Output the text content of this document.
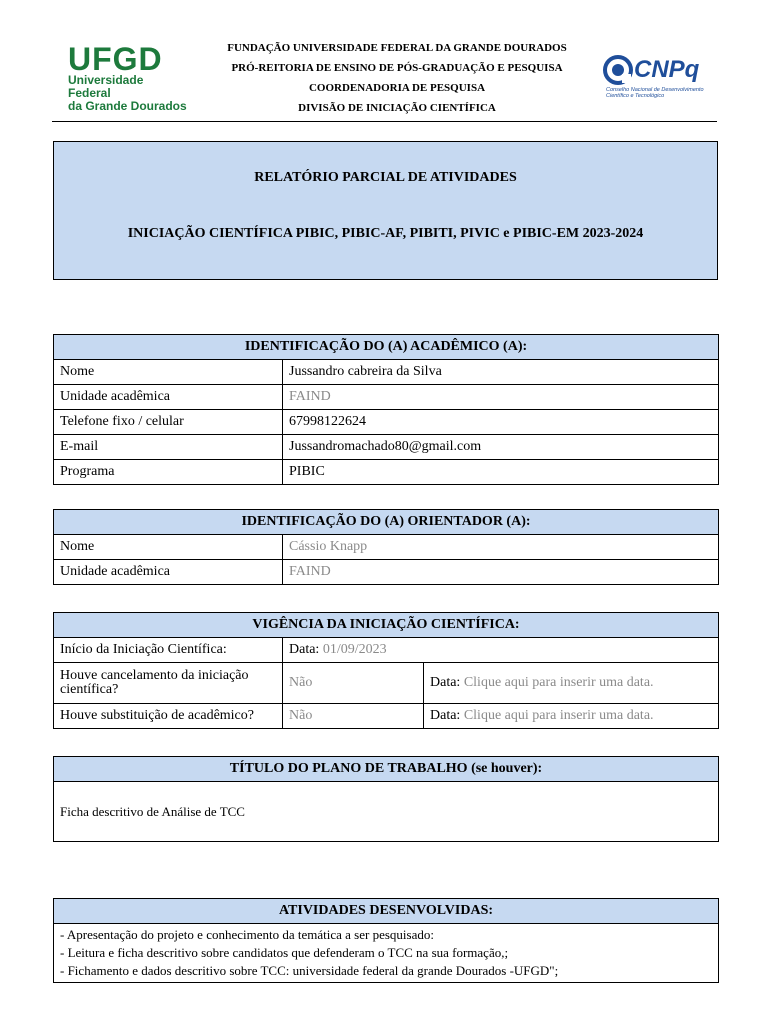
UFGD
Universidade Federal
da Grande Dourados
FUNDAÇÃO UNIVERSIDADE FEDERAL DA GRANDE DOURADOS
PRÓ-REITORIA DE ENSINO DE PÓS-GRADUAÇÃO E PESQUISA
COORDENADORIA DE PESQUISA
DIVISÃO DE INICIAÇÃO CIENTÍFICA
CNPq
Conselho Nacional de Desenvolvimento Científico e Tecnológico
RELATÓRIO PARCIAL DE ATIVIDADES
INICIAÇÃO CIENTÍFICA PIBIC, PIBIC-AF, PIBITI, PIVIC e PIBIC-EM 2023-2024
IDENTIFICAÇÃO DO (A) ACADÊMICO (A):	
Nome	Jussandro cabreira da Silva
Unidade acadêmica	FAIND
Telefone fixo / celular	67998122624
E-mail	Jussandromachado80@gmail.com
Programa	PIBIC
IDENTIFICAÇÃO DO (A) ORIENTADOR (A):	
Nome	Cássio Knapp
Unidade acadêmica	FAIND
VIGÊNCIA DA INICIAÇÃO CIENTÍFICA:		
Início da Iniciação Científica:	Data: 01/09/2023	
Houve cancelamento da iniciação científica?	Não	Data: Clique aqui para inserir uma data.
Houve substituição de acadêmico?	Não	Data: Clique aqui para inserir uma data.
TÍTULO DO PLANO DE TRABALHO (se houver):
Ficha descritivo de Análise de TCC
ATIVIDADES DESENVOLVIDAS:

- Apresentação do projeto e conhecimento da temática a ser pesquisado:
- Leitura e ficha descritivo sobre candidatos que defenderam o TCC na sua formação,;
- Fichamento e dados descritivo sobre TCC: universidade federal da grande Dourados -UFGD";
